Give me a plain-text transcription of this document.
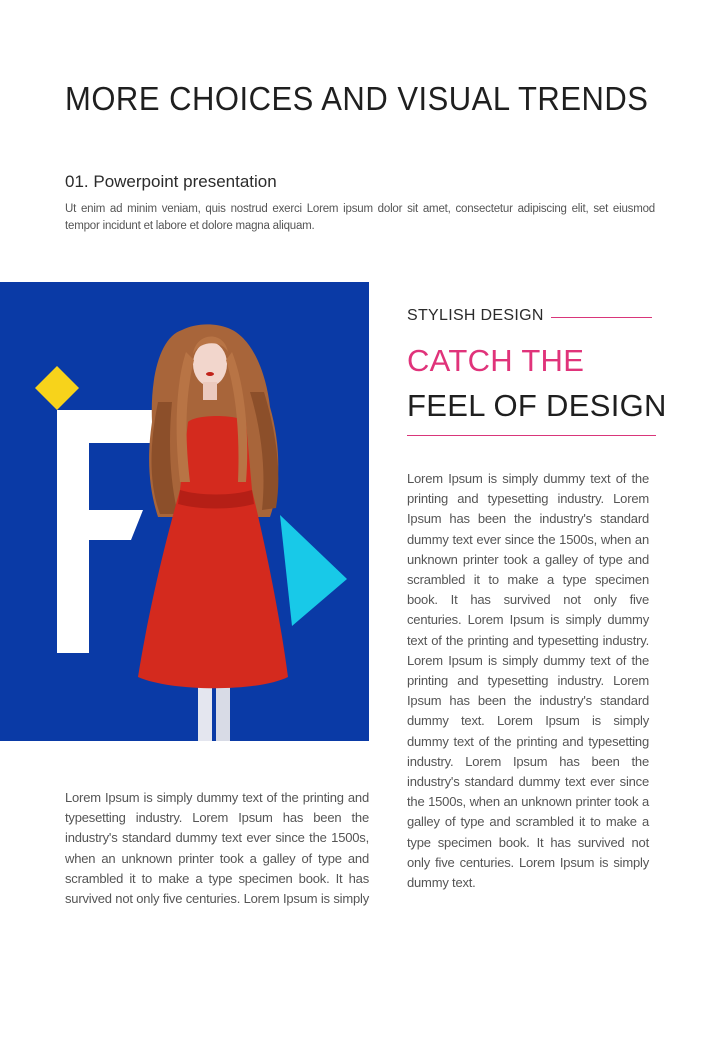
MORE CHOICES AND VISUAL TRENDS
01. Powerpoint presentation

Ut enim ad minim veniam, quis nostrud exerci Lorem ipsum dolor sit amet, consectetur adipiscing elit, set eiusmod tempor incidunt et labore et dolore magna aliquam.

STYLISH DESIGN

CATCH THE
FEEL OF DESIGN

Lorem Ipsum is simply dummy text of the printing and typesetting industry. Lorem Ipsum has been the industry's standard dummy text ever since the 1500s, when an unknown printer took a galley of type and scrambled it to make a type specimen book. It has survived not only five centuries. Lorem Ipsum is simply dummy text of the printing and typesetting industry. Lorem Ipsum is simply dummy text of the printing and typesetting industry. Lorem Ipsum has been the industry's standard dummy text. Lorem Ipsum is simply dummy text of the printing and typesetting industry. Lorem Ipsum has been the industry's standard dummy text ever since the 1500s, when an unknown printer took a galley of type and scrambled it to make a type specimen book. It has survived not only five centuries. Lorem Ipsum is simply dummy text.

Lorem Ipsum is simply dummy text of the printing and typesetting industry. Lorem Ipsum has been the industry's standard dummy text ever since the 1500s, when an unknown printer took a galley of type and scrambled it to make a type specimen book. It has survived not only five centuries. Lorem Ipsum is simply
